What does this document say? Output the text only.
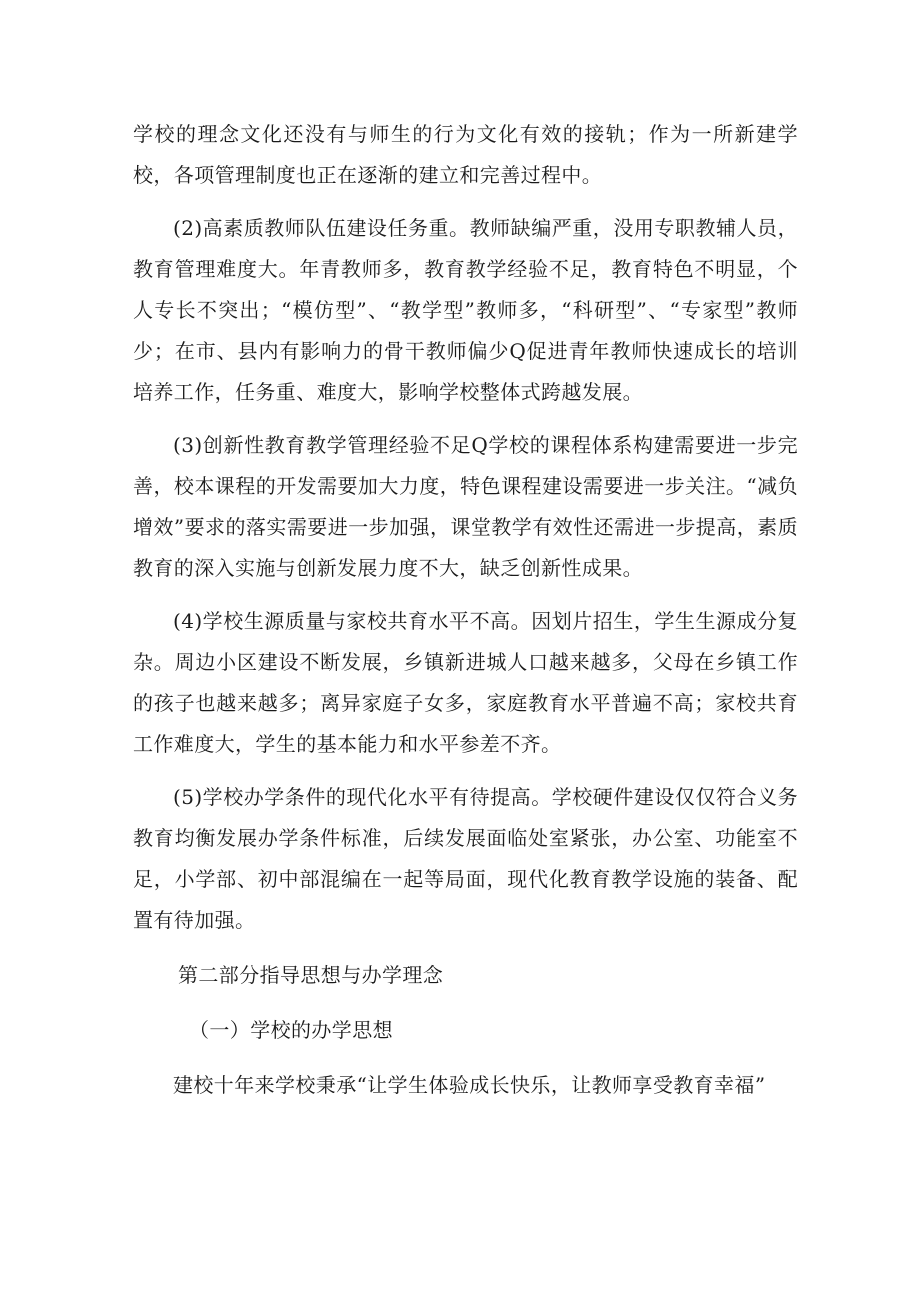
学校的理念文化还没有与师生的行为文化有效的接轨；作为一所新建学校，各项管理制度也正在逐渐的建立和完善过程中。

(2)高素质教师队伍建设任务重。教师缺编严重，没用专职教辅人员，教育管理难度大。年青教师多，教育教学经验不足，教育特色不明显，个人专长不突出；“模仿型”、“教学型”教师多，“科研型”、“专家型”教师少；在市、县内有影响力的骨干教师偏少Q促进青年教师快速成长的培训培养工作，任务重、难度大，影响学校整体式跨越发展。

(3)创新性教育教学管理经验不足Q学校的课程体系构建需要进一步完善，校本课程的开发需要加大力度，特色课程建设需要进一步关注。“减负增效”要求的落实需要进一步加强，课堂教学有效性还需进一步提高，素质教育的深入实施与创新发展力度不大，缺乏创新性成果。

(4)学校生源质量与家校共育水平不高。因划片招生，学生生源成分复杂。周边小区建设不断发展，乡镇新进城人口越来越多，父母在乡镇工作的孩子也越来越多；离异家庭子女多，家庭教育水平普遍不高；家校共育工作难度大，学生的基本能力和水平参差不齐。

(5)学校办学条件的现代化水平有待提高。学校硬件建设仅仅符合义务教育均衡发展办学条件标准，后续发展面临处室紧张，办公室、功能室不足，小学部、初中部混编在一起等局面，现代化教育教学设施的装备、配置有待加强。

第二部分指导思想与办学理念

（一）学校的办学思想

建校十年来学校秉承“让学生体验成长快乐，让教师享受教育幸福”
